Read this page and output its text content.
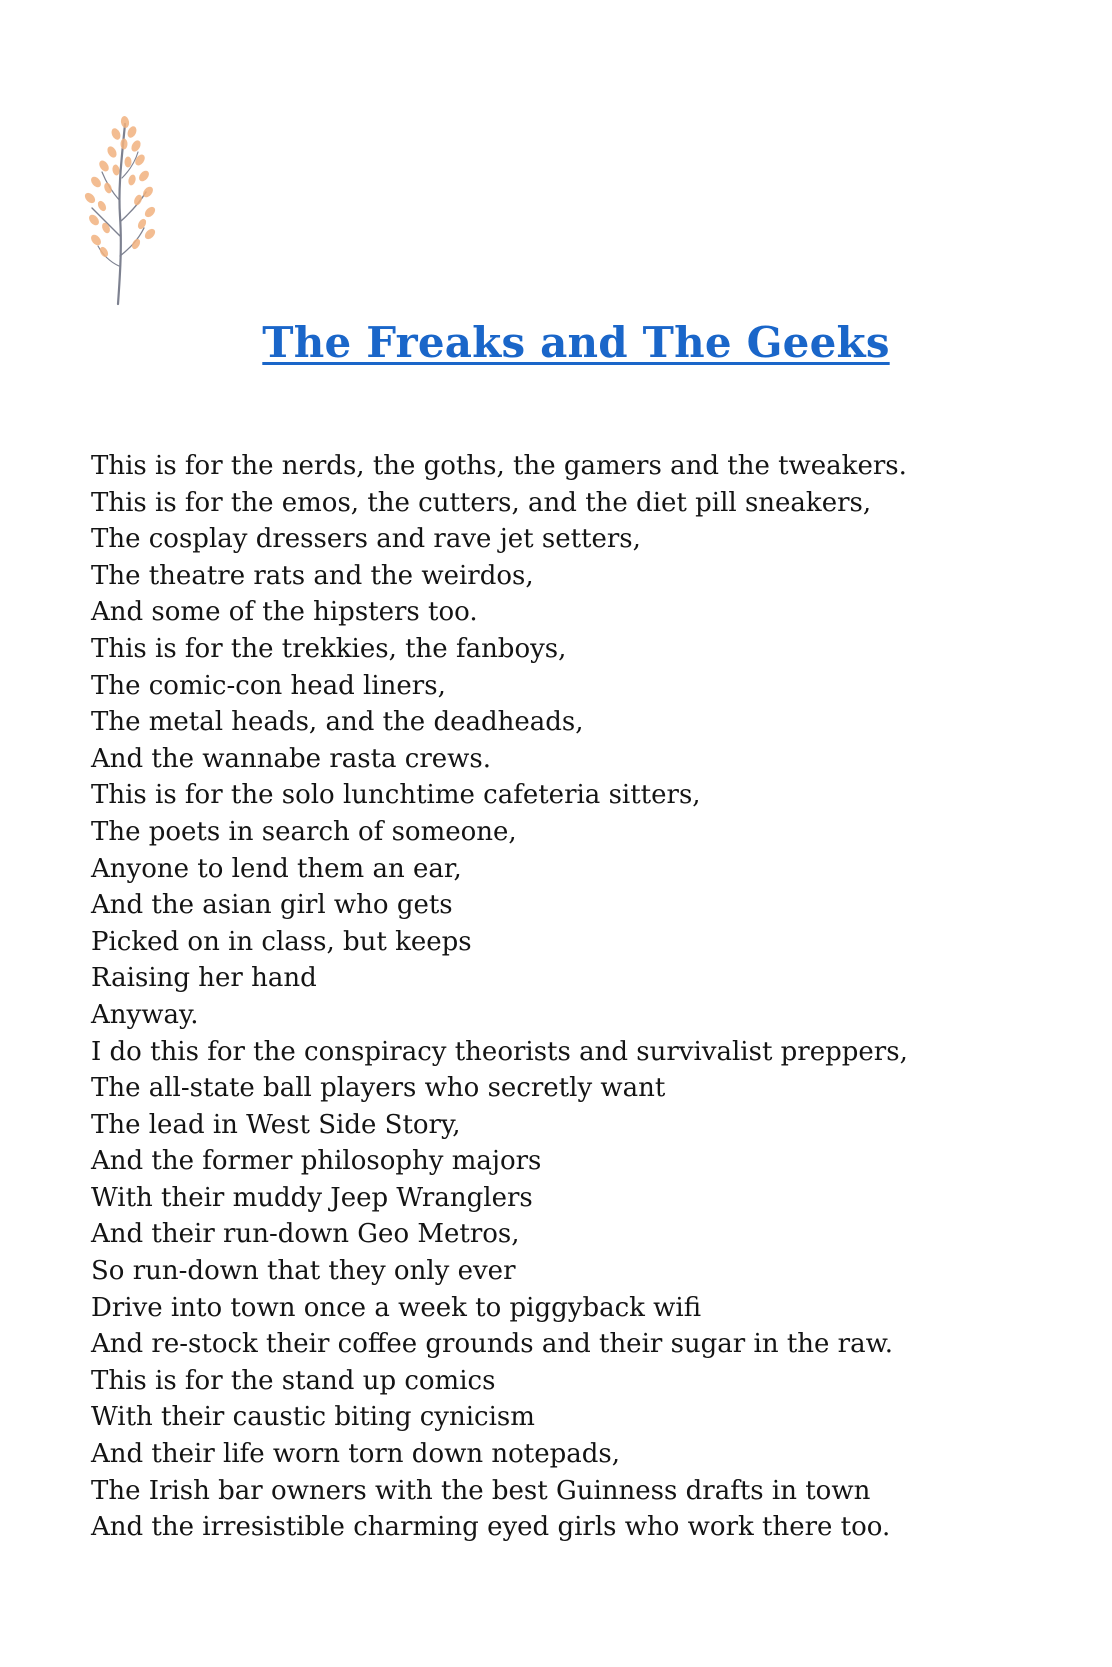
The Freaks and The Geeks
This is for the nerds, the goths, the gamers and the tweakers.
This is for the emos, the cutters, and the diet pill sneakers,
The cosplay dressers and rave jet setters,
The theatre rats and the weirdos,
And some of the hipsters too.
This is for the trekkies, the fanboys,
The comic-con head liners,
The metal heads, and the deadheads,
And the wannabe rasta crews.
This is for the solo lunchtime cafeteria sitters,
The poets in search of someone,
Anyone to lend them an ear,
And the asian girl who gets
Picked on in class, but keeps
Raising her hand
Anyway.
I do this for the conspiracy theorists and survivalist preppers,
The all-state ball players who secretly want
The lead in West Side Story,
And the former philosophy majors
With their muddy Jeep Wranglers
And their run-down Geo Metros,
So run-down that they only ever
Drive into town once a week to piggyback wifi
And re-stock their coffee grounds and their sugar in the raw.
This is for the stand up comics
With their caustic biting cynicism
And their life worn torn down notepads,
The Irish bar owners with the best Guinness drafts in town
And the irresistible charming eyed girls who work there too.
